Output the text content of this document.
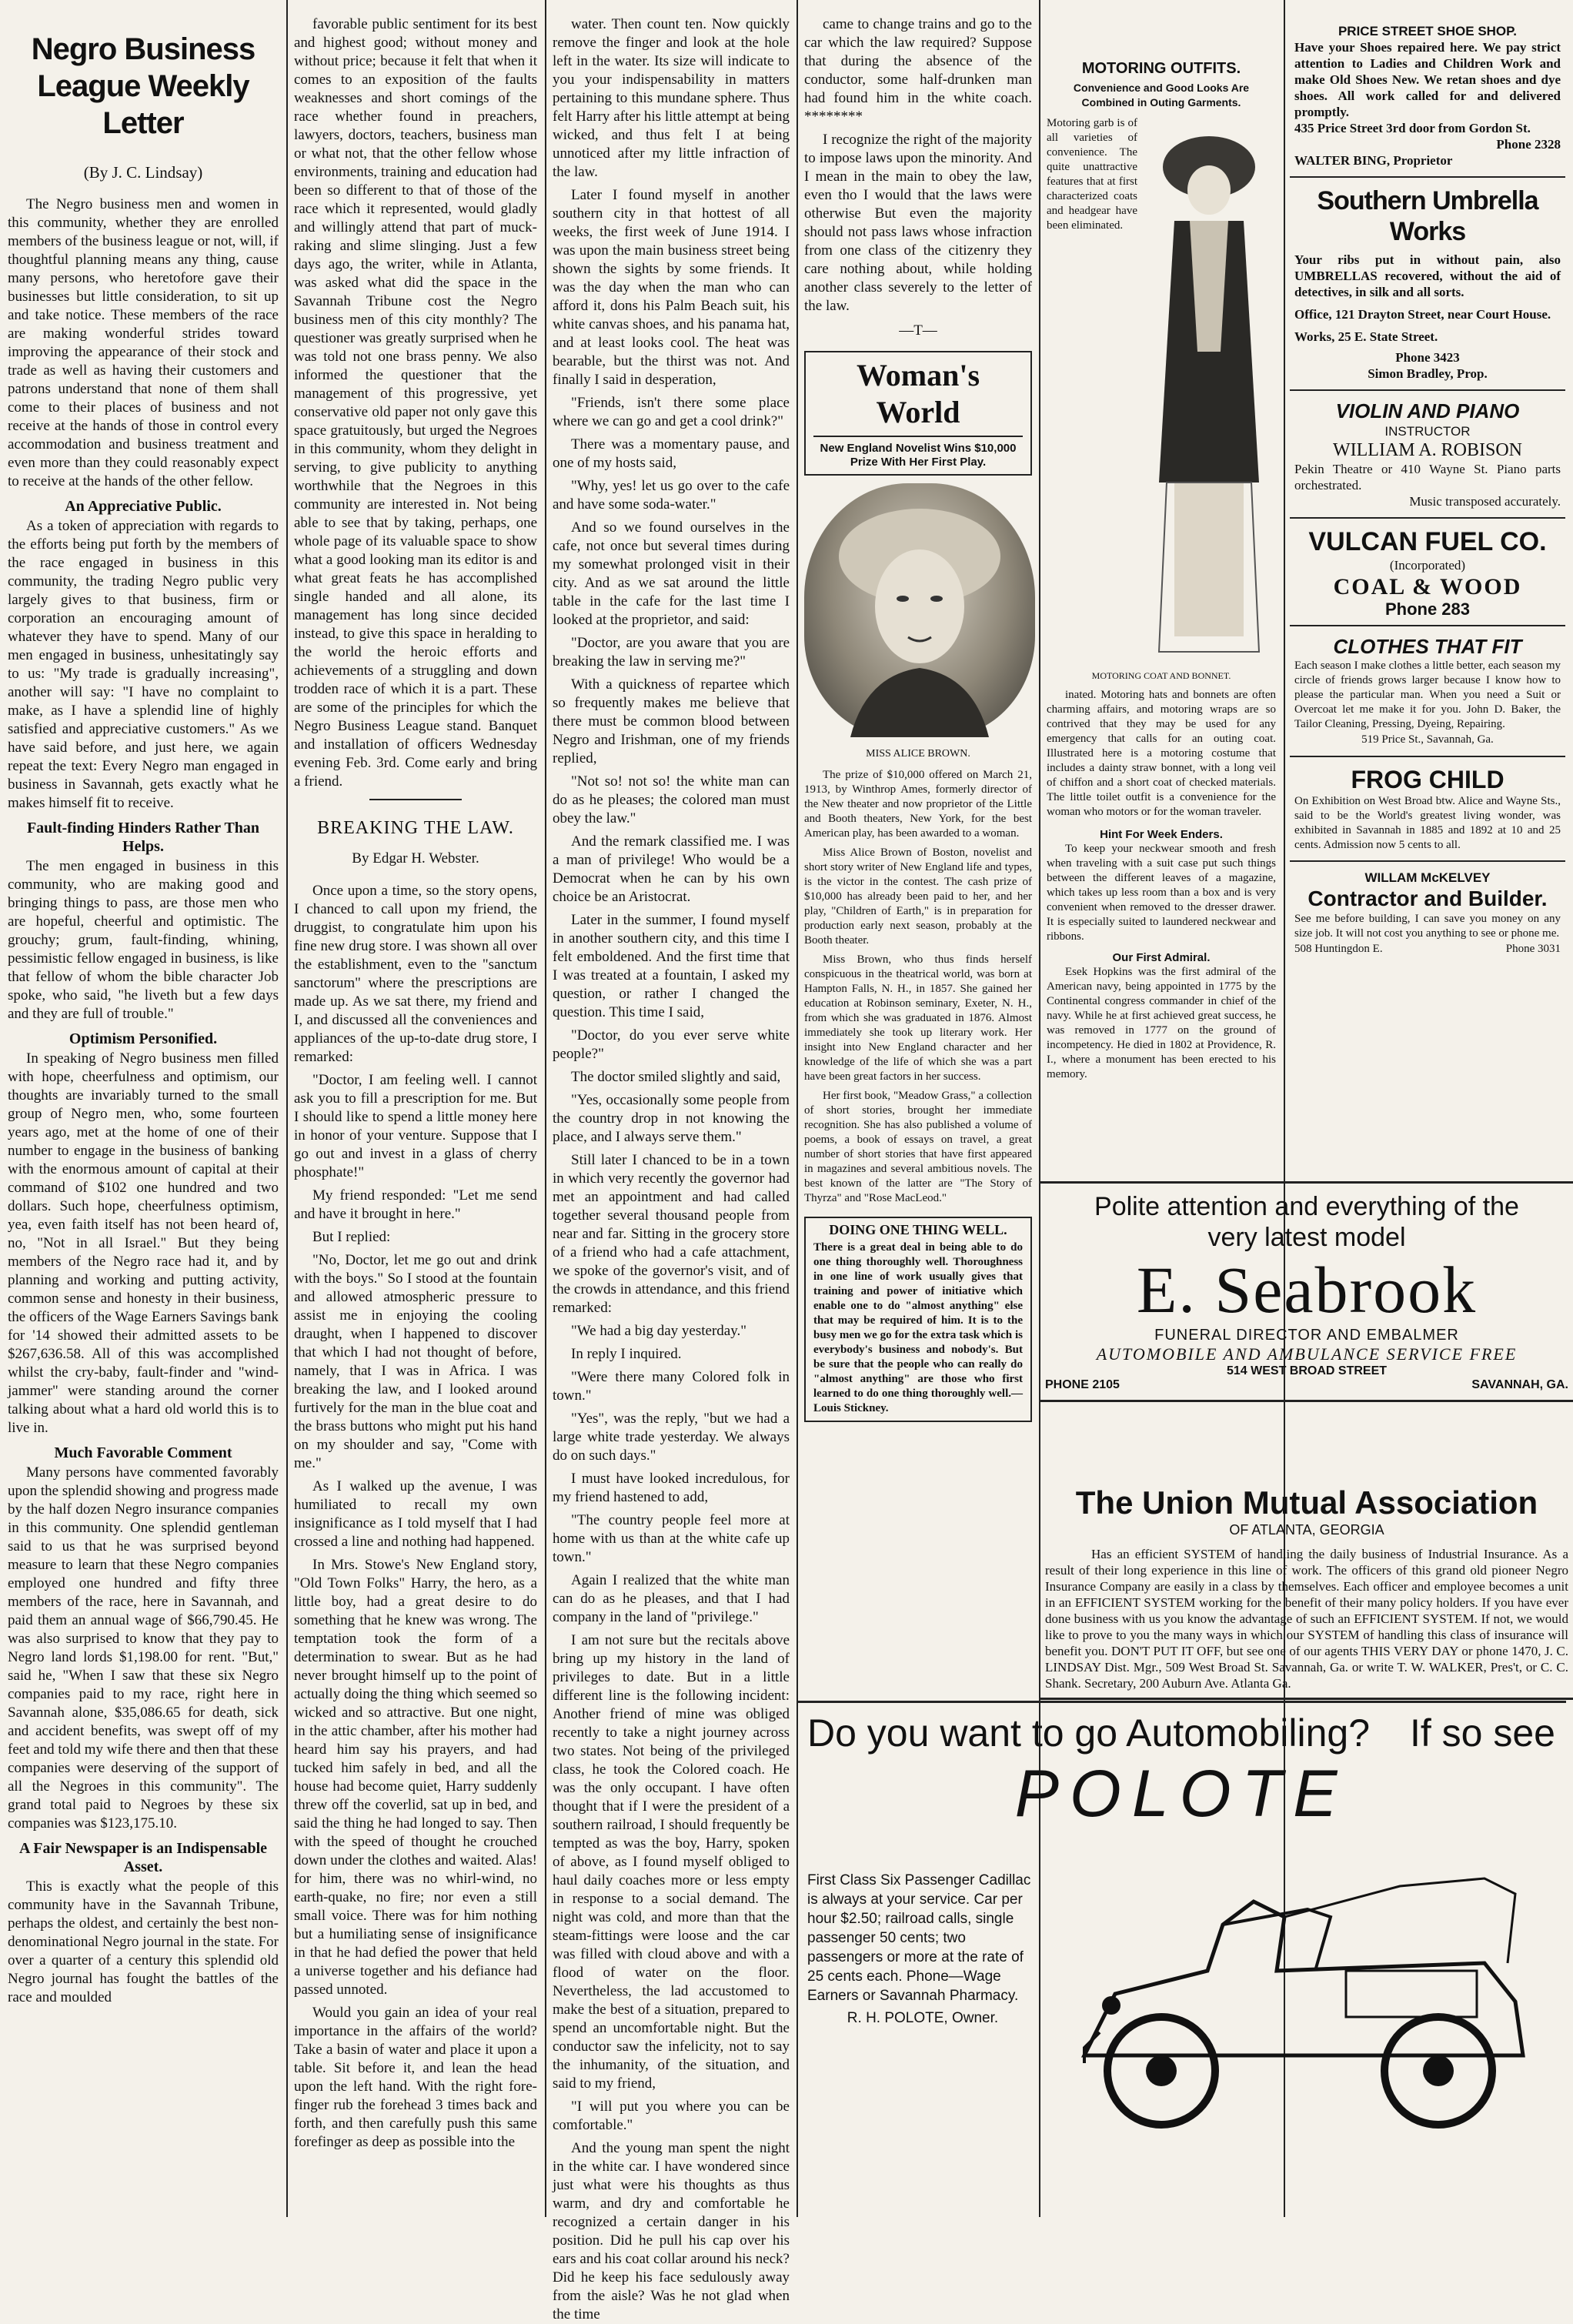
Negro Business League Weekly Letter
(By J. C. Lindsay)

The Negro business men and women in this community, whether they are enrolled members of the business league or not, will, if thoughtful planning means any thing, cause many persons, who heretofore gave their businesses but little consideration, to sit up and take notice. These members of the race are making wonderful strides toward improving the appearance of their stock and trade as well as having their customers and patrons understand that none of them shall come to their places of business and not receive at the hands of those in control every accommodation and business treatment and even more than they could reasonably expect to receive at the hands of the other fellow.

An Appreciative Public.

As a token of appreciation with regards to the efforts being put forth by the members of the race engaged in business in this community, the trading Negro public very largely gives to that business, firm or corporation an encouraging amount of whatever they have to spend. Many of our men engaged in business, unhesitatingly say to us: "My trade is gradually increasing", another will say: "I have no complaint to make, as I have a splendid line of highly satisfied and appreciative customers." As we have said before, and just here, we again repeat the text: Every Negro man engaged in business in Savannah, gets exactly what he makes himself fit to receive.

Fault-finding Hinders Rather Than Helps.

The men engaged in business in this community, who are making good and bringing things to pass, are those men who are hopeful, cheerful and optimistic. The grouchy; grum, fault-finding, whining, pessimistic fellow engaged in business, is like that fellow of whom the bible character Job spoke, who said, "he liveth but a few days and they are full of trouble."

Optimism Personified.

In speaking of Negro business men filled with hope, cheerfulness and optimism, our thoughts are invariably turned to the small group of Negro men, who, some fourteen years ago, met at the home of one of their number to engage in the business of banking with the enormous amount of capital at their command of $102 one hundred and two dollars. Such hope, cheerfulness optimism, yea, even faith itself has not been heard of, no, "Not in all Israel." But they being members of the Negro race had it, and by planning and working and putting activity, common sense and honesty in their business, the officers of the Wage Earners Savings bank for '14 showed their admitted assets to be $267,636.58. All of this was accomplished whilst the cry-baby, fault-finder and "wind-jammer" were standing around the corner talking about what a hard old world this is to live in.

Much Favorable Comment

Many persons have commented favorably upon the splendid showing and progress made by the half dozen Negro insurance companies in this community. One splendid gentleman said to us that he was surprised beyond measure to learn that these Negro companies employed one hundred and fifty three members of the race, here in Savannah, and paid them an annual wage of $66,790.45. He was also surprised to know that they pay to Negro land lords $1,198.00 for rent. "But," said he, "When I saw that these six Negro companies paid to my race, right here in Savannah alone, $35,086.65 for death, sick and accident benefits, was swept off of my feet and told my wife there and then that these companies were deserving of the support of all the Negroes in this community". The grand total paid to Negroes by these six companies was $123,175.10.

A Fair Newspaper is an Indispensable Asset.

This is exactly what the people of this community have in the Savannah Tribune, perhaps the oldest, and certainly the best non-denominational Negro journal in the state. For over a quarter of a century this splendid old Negro journal has fought the battles of the race and moulded

favorable public sentiment for its best and highest good; without money and without price; because it felt that when it comes to an exposition of the faults weaknesses and short comings of the race whether found in preachers, lawyers, doctors, teachers, business man or what not, that the other fellow whose environments, training and education had been so different to that of those of the race which it represented, would gladly and willingly attend that part of muck-raking and slime slinging. Just a few days ago, the writer, while in Atlanta, was asked what did the space in the Savannah Tribune cost the Negro business men of this city monthly? The questioner was greatly surprised when he was told not one brass penny. We also informed the questioner that the management of this progressive, yet conservative old paper not only gave this space gratuitously, but urged the Negroes in this community, whom they delight in serving, to give publicity to anything worthwhile that the Negroes in this community are interested in. Not being able to see that by taking, perhaps, one whole page of its valuable space to show what a good looking man its editor is and what great feats he has accomplished single handed and all alone, its management has long since decided instead, to give this space in heralding to the world the heroic efforts and achievements of a struggling and down trodden race of which it is a part. These are some of the principles for which the Negro Business League stand. Banquet and installation of officers Wednesday evening Feb. 3rd. Come early and bring a friend.

BREAKING THE LAW.
By Edgar H. Webster.

Once upon a time, so the story opens, I chanced to call upon my friend, the druggist, to congratulate him upon his fine new drug store. I was shown all over the establishment, even to the "sanctum sanctorum" where the prescriptions are made up. As we sat there, my friend and I, and discussed all the conveniences and appliances of the up-to-date drug store, I remarked:

"Doctor, I am feeling well. I cannot ask you to fill a prescription for me. But I should like to spend a little money here in honor of your venture. Suppose that I go out and invest in a glass of cherry phosphate!"

My friend responded: "Let me send and have it brought in here."

But I replied:

"No, Doctor, let me go out and drink with the boys." So I stood at the fountain and allowed atmospheric pressure to assist me in enjoying the cooling draught, when I happened to discover that which I had not thought of before, namely, that I was in Africa. I was breaking the law, and I looked around furtively for the man in the blue coat and the brass buttons who might put his hand on my shoulder and say, "Come with me."

As I walked up the avenue, I was humiliated to recall my own insignificance as I told myself that I had crossed a line and nothing had happened.

In Mrs. Stowe's New England story, "Old Town Folks" Harry, the hero, as a little boy, had a great desire to do something that he knew was wrong. The temptation took the form of a determination to swear. But as he had never brought himself up to the point of actually doing the thing which seemed so wicked and so attractive. But one night, in the attic chamber, after his mother had heard him say his prayers, and had tucked him safely in bed, and all the house had become quiet, Harry suddenly threw off the coverlid, sat up in bed, and said the thing he had longed to say. Then with the speed of thought he crouched down under the clothes and waited. Alas! for him, there was no whirl-wind, no earth-quake, no fire; nor even a still small voice. There was for him nothing but a humiliating sense of insignificance in that he had defied the power that held a universe together and his defiance had passed unnoted.

Would you gain an idea of your real importance in the affairs of the world? Take a basin of water and place it upon a table. Sit before it, and lean the head upon the left hand. With the right fore-finger rub the forehead 3 times back and forth, and then carefully push this same forefinger as deep as possible into the

water. Then count ten. Now quickly remove the finger and look at the hole left in the water. Its size will indicate to you your indispensability in matters pertaining to this mundane sphere. Thus felt Harry after his little attempt at being wicked, and thus felt I at being unnoticed after my little infraction of the law.

Later I found myself in another southern city in that hottest of all weeks, the first week of June 1914. I was upon the main business street being shown the sights by some friends. It was the day when the man who can afford it, dons his Palm Beach suit, his white canvas shoes, and his panama hat, and at least looks cool. The heat was bearable, but the thirst was not. And finally I said in desperation,

"Friends, isn't there some place where we can go and get a cool drink?"

There was a momentary pause, and one of my hosts said,

"Why, yes! let us go over to the cafe and have some soda-water."

And so we found ourselves in the cafe, not once but several times during my somewhat prolonged visit in their city. And as we sat around the little table in the cafe for the last time I looked at the proprietor, and said:

"Doctor, are you aware that you are breaking the law in serving me?"

With a quickness of repartee which so frequently makes me believe that there must be common blood between Negro and Irishman, one of my friends replied,

"Not so! not so! the white man can do as he pleases; the colored man must obey the law."

And the remark classified me. I was a man of privilege! Who would be a Democrat when he can by his own choice be an Aristocrat.

Later in the summer, I found myself in another southern city, and this time I felt emboldened. And the first time that I was treated at a fountain, I asked my question, or rather I changed the question. This time I said,

"Doctor, do you ever serve white people?"

The doctor smiled slightly and said,

"Yes, occasionally some people from the country drop in not knowing the place, and I always serve them."

Still later I chanced to be in a town in which very recently the governor had met an appointment and had called together several thousand people from near and far. Sitting in the grocery store of a friend who had a cafe attachment, we spoke of the governor's visit, and of the crowds in attendance, and this friend remarked:

"We had a big day yesterday."

In reply I inquired.

"Were there many Colored folk in town."

"Yes", was the reply, "but we had a large white trade yesterday. We always do on such days."

I must have looked incredulous, for my friend hastened to add,

"The country people feel more at home with us than at the white cafe up town."

Again I realized that the white man can do as he pleases, and that I had company in the land of "privilege."

I am not sure but the recitals above bring up my history in the land of privileges to date. But in a little different line is the following incident: Another friend of mine was obliged recently to take a night journey across two states. Not being of the privileged class, he took the Colored coach. He was the only occupant. I have often thought that if I were the president of a southern railroad, I should frequently be tempted as was the boy, Harry, spoken of above, as I found myself obliged to haul daily coaches more or less empty in response to a social demand. The night was cold, and more than that the steam-fittings were loose and the car was filled with cloud above and with a flood of water on the floor. Nevertheless, the lad accustomed to make the best of a situation, prepared to spend an uncomfortable night. But the conductor saw the infelicity, not to say the inhumanity, of the situation, and said to my friend,

"I will put you where you can be comfortable."

And the young man spent the night in the white car. I have wondered since just what were his thoughts as thus warm, and dry and comfortable he recognized a certain danger in his position. Did he pull his cap over his ears and his coat collar around his neck? Did he keep his face sedulously away from the aisle? Was he not glad when the time

came to change trains and go to the car which the law required? Suppose that during the absence of the conductor, some half-drunken man had found him in the white coach. ********

I recognize the right of the majority to impose laws upon the minority. And I mean in the main to obey the law, even tho I would that the laws were otherwise But even the majority should not pass laws whose infraction from one class of the citizenry they care nothing about, while holding another class severely to the letter of the law.

—T—
Woman's World
New England Novelist Wins $10,000 Prize With Her First Play.
MISS ALICE BROWN.

The prize of $10,000 offered on March 21, 1913, by Winthrop Ames, formerly director of the New theater and now proprietor of the Little and Booth theaters, New York, for the best American play, has been awarded to a woman.

Miss Alice Brown of Boston, novelist and short story writer of New England life and types, is the victor in the contest. The cash prize of $10,000 has already been paid to her, and her play, "Children of Earth," is in preparation for production early next season, probably at the Booth theater.

Miss Brown, who thus finds herself conspicuous in the theatrical world, was born at Hampton Falls, N. H., in 1857. She gained her education at Robinson seminary, Exeter, N. H., from which she was graduated in 1876. Almost immediately she took up literary work. Her insight into New England character and her knowledge of the life of which she was a part have been great factors in her success.

Her first book, "Meadow Grass," a collection of short stories, brought her immediate recognition. She has also published a volume of poems, a book of essays on travel, a great number of short stories that have first appeared in magazines and several ambitious novels. The best known of the latter are "The Story of Thyrza" and "Rose MacLeod."

DOING ONE THING WELL.
There is a great deal in being able to do one thing thoroughly well. Thoroughness in one line of work usually gives that training and power of initiative which enable one to do "almost anything" else that may be required of him. It is to the busy men we go for the extra task which is everybody's business and nobody's. But be sure that the people who can really do "almost anything" are those who first learned to do one thing thoroughly well.—Louis Stickney.
MOTORING OUTFITS.
Convenience and Good Looks Are Combined in Outing Garments.
Motoring garb is of all varieties of convenience. The quite unattractive features that at first characterized coats and headgear have been eliminated.
MOTORING COAT AND BONNET.

inated. Motoring hats and bonnets are often charming affairs, and motoring wraps are so contrived that they may be used for any emergency that calls for an outing coat. Illustrated here is a motoring costume that includes a dainty straw bonnet, with a long veil of chiffon and a short coat of checked materials. The little toilet outfit is a convenience for the woman who motors or for the woman traveler.

Hint For Week Enders.

To keep your neckwear smooth and fresh when traveling with a suit case put such things between the different leaves of a magazine, which takes up less room than a box and is very convenient when removed to the dresser drawer. It is especially suited to laundered neckwear and ribbons.

Our First Admiral.

Esek Hopkins was the first admiral of the American navy, being appointed in 1775 by the Continental congress commander in chief of the navy. While he at first achieved great success, he was removed in 1777 on the ground of incompetency. He died in 1802 at Providence, R. I., where a monument has been erected to his memory.

PRICE STREET SHOE SHOP.
Have your Shoes repaired here. We pay strict attention to Ladies and Children Work and make Old Shoes New. We retan shoes and dye shoes. All work called for and delivered promptly.
435 Price Street 3rd door from Gordon St.
Phone 2328
WALTER BING, Proprietor
Southern Umbrella Works
Your ribs put in without pain, also UMBRELLAS recovered, without the aid of detectives, in silk and all sorts.
Office, 121 Drayton Street, near Court House.
Works, 25 E. State Street.
Phone 3423
Simon Bradley, Prop.
VIOLIN AND PIANO
INSTRUCTOR
WILLIAM A. ROBISON
Pekin Theatre or 410 Wayne St. Piano parts orchestrated.
Music transposed accurately.
VULCAN FUEL CO.
(Incorporated)
COAL & WOOD
Phone 283
CLOTHES THAT FIT
Each season I make clothes a little better, each season my circle of friends grows larger because I know how to please the particular man. When you need a Suit or Overcoat let me make it for you. John D. Baker, the Tailor Cleaning, Pressing, Dyeing, Repairing.
519 Price St., Savannah, Ga.
FROG CHILD
On Exhibition on West Broad btw. Alice and Wayne Sts., said to be the World's greatest living wonder, was exhibited in Savannah in 1885 and 1892 at 10 and 25 cents. Admission now 5 cents to all.
WILLAM McKELVEY
Contractor and Builder.
See me before building, I can save you money on any size job. It will not cost you anything to see or phone me.
508 Huntingdon E.	Phone 3031
Polite attention and everything of the
very latest model
E. Seabrook
FUNERAL DIRECTOR AND EMBALMER
AUTOMOBILE AND AMBULANCE SERVICE FREE
514 WEST BROAD STREET
PHONE 2105	SAVANNAH, GA.
The Union Mutual Association
OF ATLANTA, GEORGIA
Has an efficient SYSTEM of handling the daily business of Industrial Insurance. As a result of their long experience in this line of work. The officers of this grand old pioneer Negro Insurance Company are easily in a class by themselves. Each officer and employee becomes a unit in an EFFICIENT SYSTEM working for the benefit of their many policy holders. If you have ever done business with us you know the advantage of such an EFFICIENT SYSTEM. If not, we would like to prove to you the many ways in which our SYSTEM of handling this class of insurance will benefit you. DON'T PUT IT OFF, but see one of our agents THIS VERY DAY or phone 1470, J. C. LINDSAY Dist. Mgr., 509 West Broad St. Savannah, Ga. or write T. W. WALKER, Pres't, or C. C. Shank. Secretary, 200 Auburn Ave. Atlanta Ga.
Do you want to go Automobiling? If so see
POLOTE
First Class Six Passenger Cadillac is always at your service. Car per hour $2.50; railroad calls, single passenger 50 cents; two passengers or more at the rate of 25 cents each. Phone—Wage Earners or Savannah Pharmacy.
R. H. POLOTE, Owner.
